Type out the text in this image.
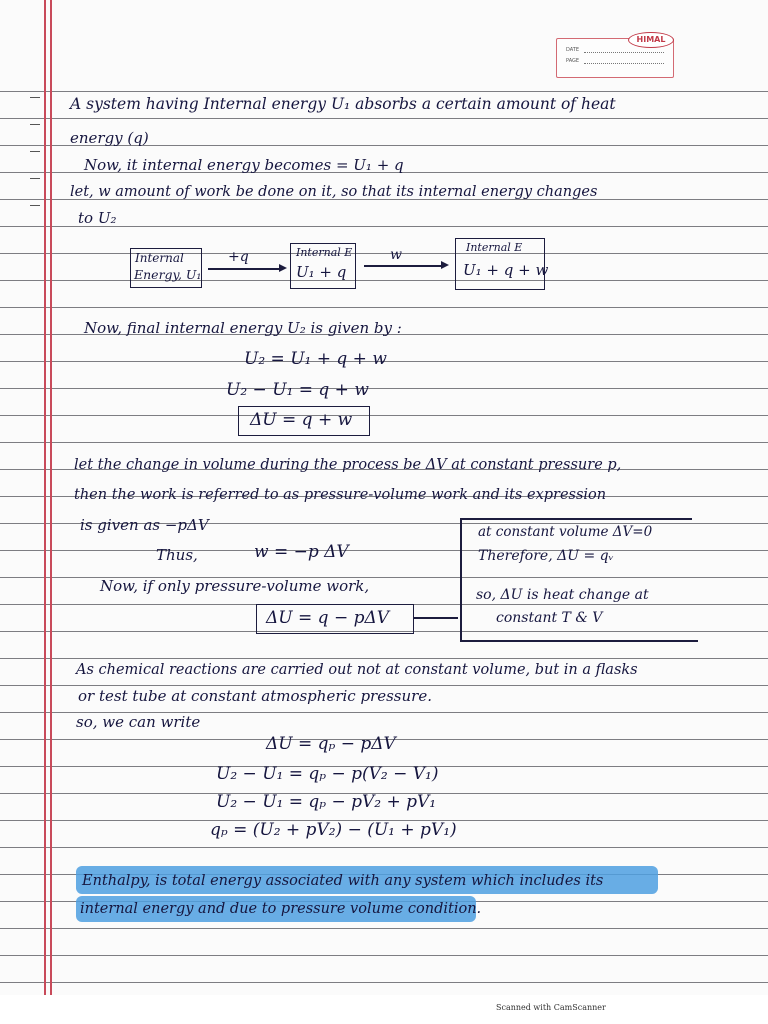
HIMAL
DATE
PAGE
A system having Internal energy U₁ absorbs a certain amount of heat
energy (q)
Now, it internal energy becomes = U₁ + q
let, w amount of work be done on it, so that its internal energy changes
to U₂
Internal
Energy, U₁
+q	Internal E
U₁ + q
w	Internal E
U₁ + q + w
Now, final internal energy U₂ is given by :
U₂ = U₁ + q + w
U₂ − U₁ = q + w
ΔU = q + w
let the change in volume during the process be ΔV at constant pressure p,
then the work is referred to as pressure-volume work and its expression
is given as −pΔV
Thus,	w = −p ΔV
Now, if only pressure-volume work,
ΔU = q − pΔV
at constant volume ΔV=0
Therefore, ΔU = qᵥ
so, ΔU is heat change at
constant T & V
As chemical reactions are carried out not at constant volume, but in a flasks
or test tube at constant atmospheric pressure.
so, we can write
ΔU = qₚ − pΔV
U₂ − U₁ = qₚ − p(V₂ − V₁)
U₂ − U₁ = qₚ − pV₂ + pV₁
qₚ = (U₂ + pV₂) − (U₁ + pV₁)
Enthalpy, is total energy associated with any system which includes its
internal energy and due to pressure volume condition.
Scanned with CamScanner
